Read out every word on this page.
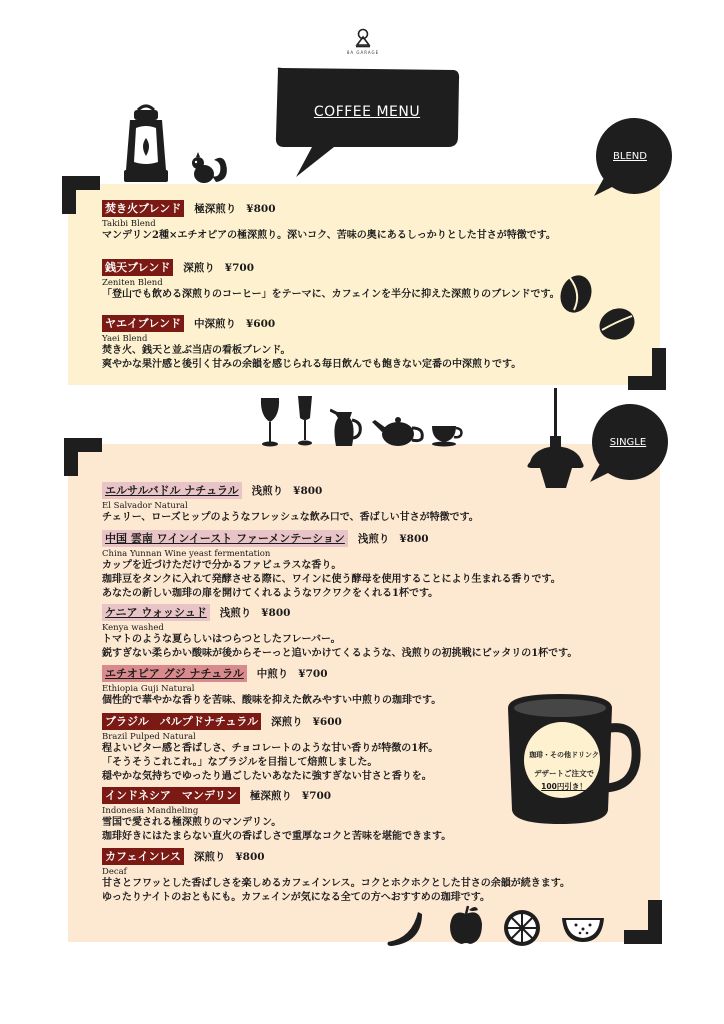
8A GARAGE
COFFEE MENU
BLEND
SINGLE
珈琲・その他ドリンク
デザートご注文で
100円引き！
焚き火ブレンド 極深煎り ¥800
Takibi Blend
マンデリン2種×エチオピアの極深煎り。深いコク、苦味の奥にあるしっかりとした甘さが特徴です。
銭天ブレンド 深煎り ¥700
Zeniten Blend
「登山でも飲める深煎りのコーヒー」をテーマに、カフェインを半分に抑えた深煎りのブレンドです。
ヤエイブレンド 中深煎り ¥600
Yaei Blend
焚き火、銭天と並ぶ当店の看板ブレンド。
爽やかな果汁感と後引く甘みの余韻を感じられる毎日飲んでも飽きない定番の中深煎りです。
エルサルバドル ナチュラル 浅煎り ¥800
El Salvador Natural
チェリー、ローズヒップのようなフレッシュな飲み口で、香ばしい甘さが特徴です。
中国 雲南 ワインイースト ファーメンテーション 浅煎り ¥800
China Yunnan Wine yeast fermentation
カップを近づけただけで分かるファビュラスな香り。
珈琲豆をタンクに入れて発酵させる際に、ワインに使う酵母を使用することにより生まれる香りです。
あなたの新しい珈琲の扉を開けてくれるようなワクワクをくれる1杯です。
ケニア ウォッシュド 浅煎り ¥800
Kenya washed
トマトのような夏らしいはつらつとしたフレーバー。
鋭すぎない柔らかい酸味が後からそーっと追いかけてくるような、浅煎りの初挑戦にピッタリの1杯です。
エチオピア グジ ナチュラル 中煎り ¥700
Ethiopia Guji Natural
個性的で華やかな香りを苦味、酸味を抑えた飲みやすい中煎りの珈琲です。
ブラジル　パルプドナチュラル 深煎り ¥600
Brazil Pulped Natural
程よいビター感と香ばしさ、チョコレートのような甘い香りが特徴の1杯。
「そうそうこれこれ。」なブラジルを目指して焙煎しました。
穏やかな気持ちでゆったり過ごしたいあなたに強すぎない甘さと香りを。
インドネシア　マンデリン 極深煎り ¥700
Indonesia Mandheling
雪国で愛される極深煎りのマンデリン。
珈琲好きにはたまらない直火の香ばしさで重厚なコクと苦味を堪能できます。
カフェインレス 深煎り ¥800
Decaf
甘さとフワッとした香ばしさを楽しめるカフェインレス。コクとホクホクとした甘さの余韻が続きます。
ゆったりナイトのおともにも。カフェインが気になる全ての方へおすすめの珈琲です。
